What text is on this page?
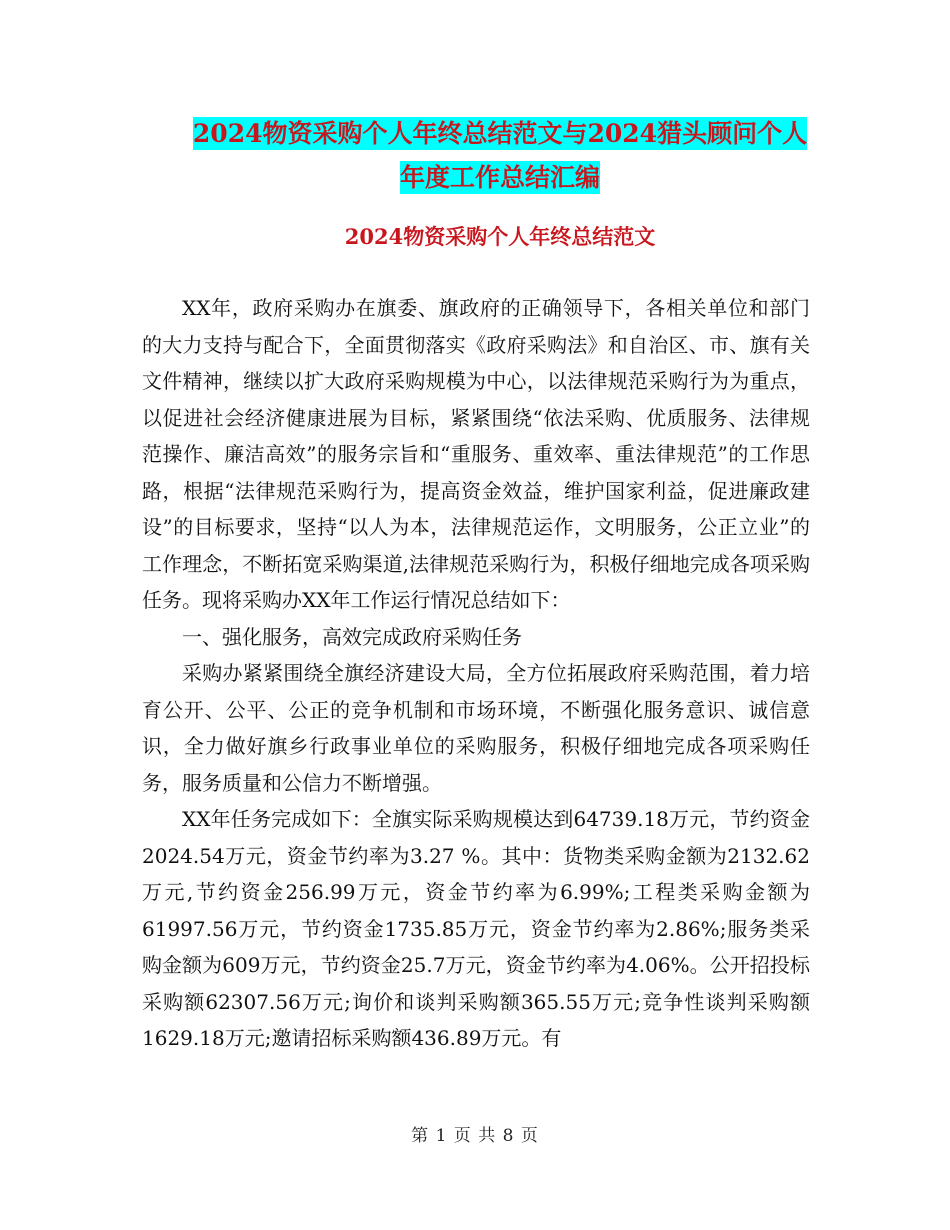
2024物资采购个人年终总结范文与2024猎头顾问个人
年度工作总结汇编
2024物资采购个人年终总结范文

XX年，政府采购办在旗委、旗政府的正确领导下，各相关单位和部门的大力支持与配合下，全面贯彻落实《政府采购法》和自治区、市、旗有关文件精神，继续以扩大政府采购规模为中心，以法律规范采购行为为重点，以促进社会经济健康进展为目标，紧紧围绕“依法采购、优质服务、法律规范操作、廉洁高效”的服务宗旨和“重服务、重效率、重法律规范”的工作思路，根据“法律规范采购行为，提高资金效益，维护国家利益，促进廉政建设”的目标要求，坚持“以人为本，法律规范运作，文明服务，公正立业”的工作理念，不断拓宽采购渠道,法律规范采购行为，积极仔细地完成各项采购任务。现将采购办XX年工作运行情况总结如下：

一、强化服务，高效完成政府采购任务

采购办紧紧围绕全旗经济建设大局，全方位拓展政府采购范围，着力培育公开、公平、公正的竞争机制和市场环境，不断强化服务意识、诚信意识，全力做好旗乡行政事业单位的采购服务，积极仔细地完成各项采购任务，服务质量和公信力不断增强。

XX年任务完成如下：全旗实际采购规模达到64739.18万元，节约资金2024.54万元，资金节约率为3.27 %。其中：货物类采购金额为2132.62万元,节约资金256.99万元，资金节约率为6.99%;工程类采购金额为61997.56万元，节约资金1735.85万元，资金节约率为2.86%;服务类采购金额为609万元，节约资金25.7万元，资金节约率为4.06%。公开招投标采购额62307.56万元;询价和谈判采购额365.55万元;竞争性谈判采购额1629.18万元;邀请招标采购额436.89万元。有

第 1 页 共 8 页
